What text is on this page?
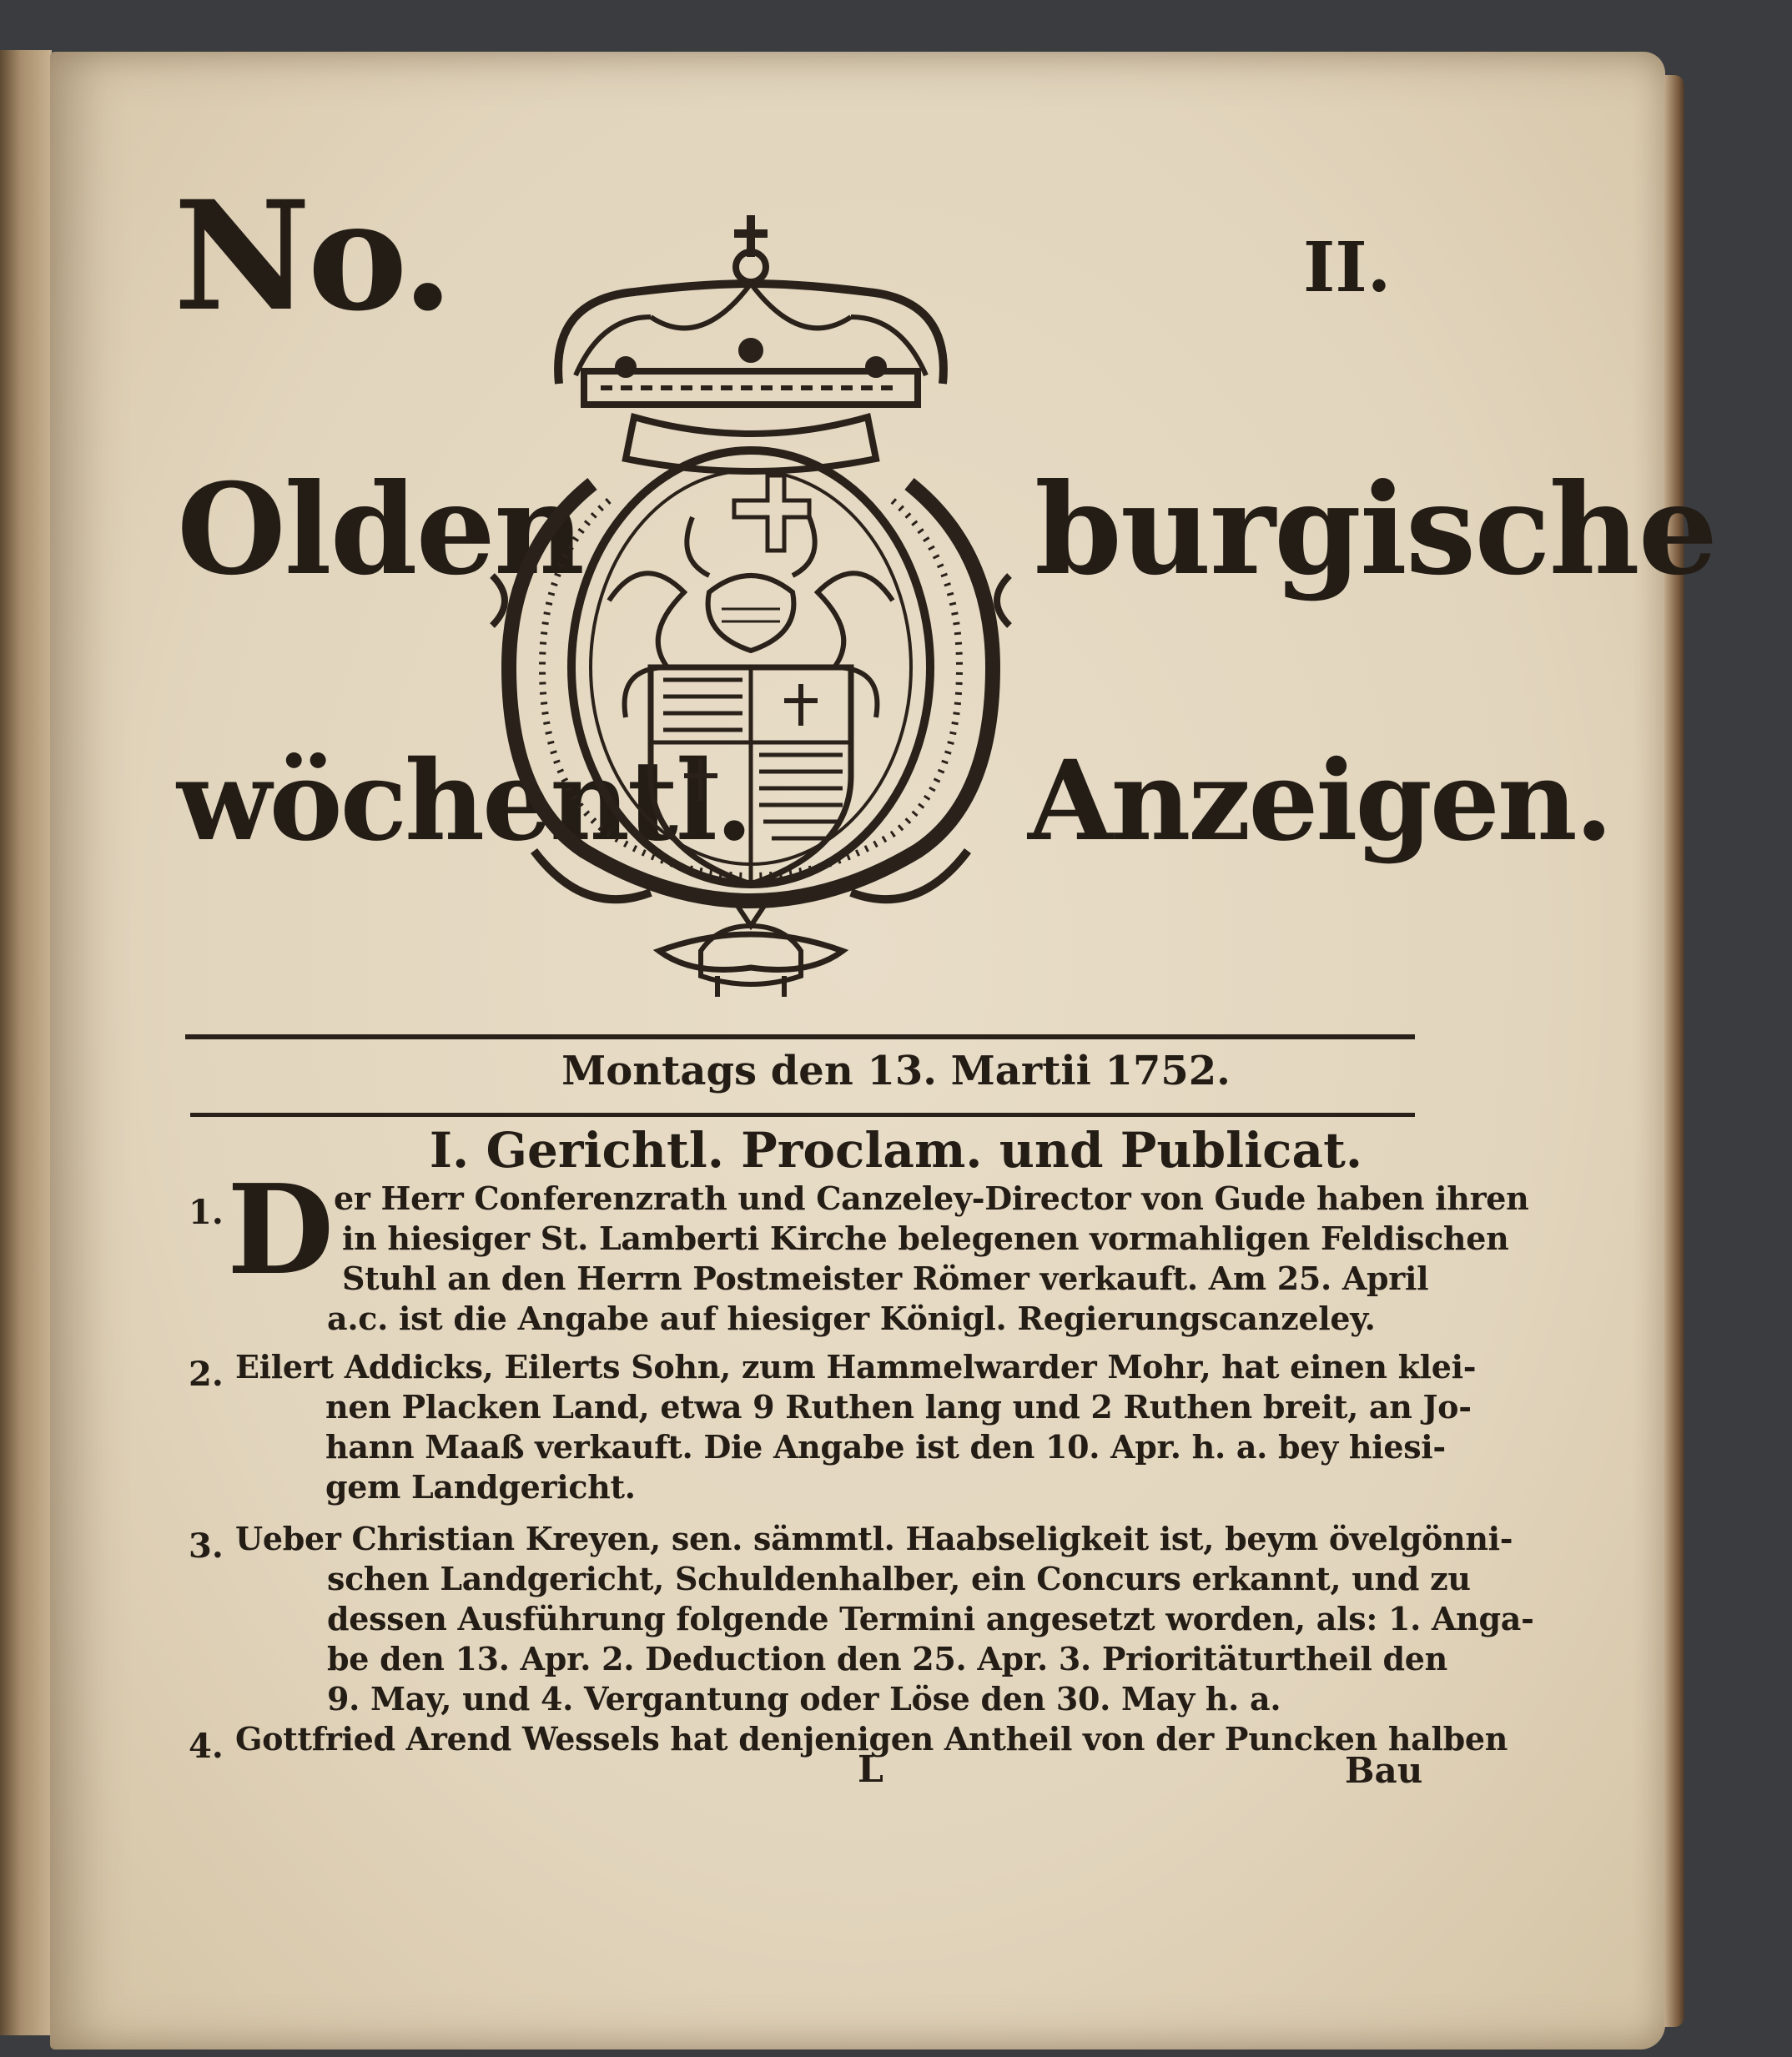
No.	II.
Olden	burgische
wöchentl.	Anzeigen.
Montags den 13. Martii 1752.
I. Gerichtl. Proclam. und Publicat.
1. D er Herr Conferenzrath und Canzeley-Director von Gude haben ihren
in hiesiger St. Lamberti Kirche belegenen vormahligen Feldischen
Stuhl an den Herrn Postmeister Römer verkauft. Am 25. April
a.c. ist die Angabe auf hiesiger Königl. Regierungscanzeley.
2. Eilert Addicks, Eilerts Sohn, zum Hammelwarder Mohr, hat einen klei-
nen Placken Land, etwa 9 Ruthen lang und 2 Ruthen breit, an Jo-
hann Maaß verkauft. Die Angabe ist den 10. Apr. h. a. bey hiesi-
gem Landgericht.
3. Ueber Christian Kreyen, sen. sämmtl. Haabseligkeit ist, beym övelgönni-
schen Landgericht, Schuldenhalber, ein Concurs erkannt, und zu
dessen Ausführung folgende Termini angesetzt worden, als: 1. Anga-
be den 13. Apr. 2. Deduction den 25. Apr. 3. Prioritäturtheil den
9. May, und 4. Vergantung oder Löse den 30. May h. a.
4. Gottfried Arend Wessels hat denjenigen Antheil von der Puncken halben
L	Bau
